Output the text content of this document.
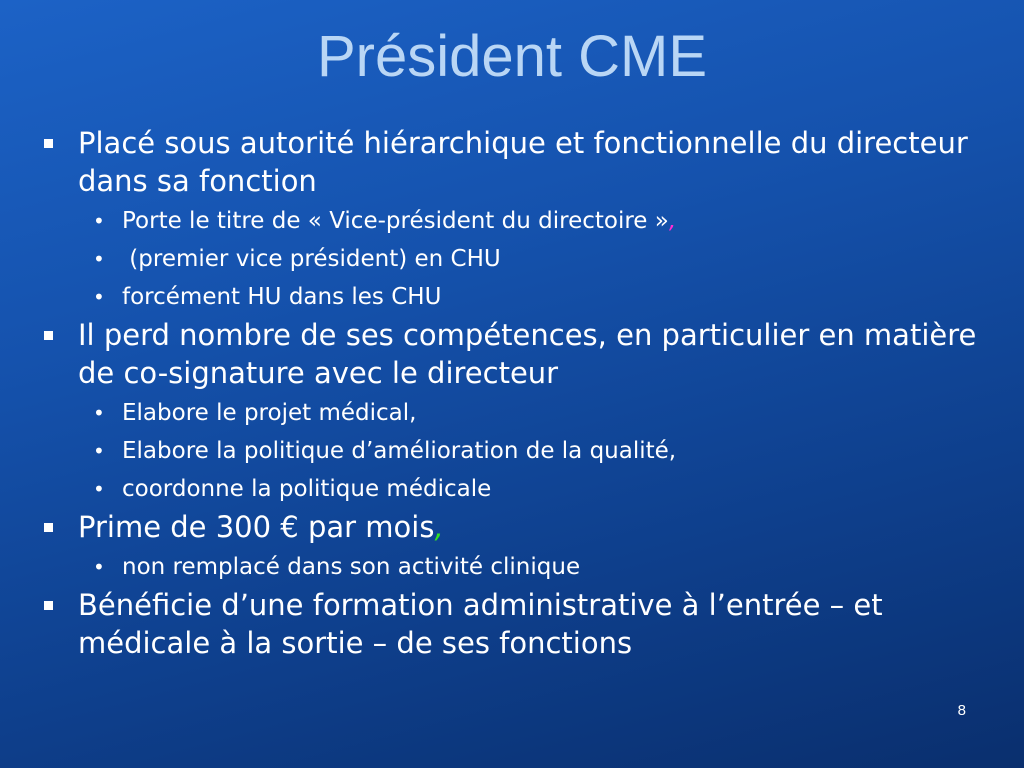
Président CME
Placé sous autorité hiérarchique et fonctionnelle du directeur dans sa fonction
• Porte le titre de « Vice-président du directoire »,
• (premier vice président) en CHU
• forcément HU dans les CHU
Il perd nombre de ses compétences, en particulier en matière de co-signature avec le directeur
• Elabore le projet médical,
• Elabore la politique d’amélioration de la qualité,
• coordonne la politique médicale
Prime de 300 € par mois,
• non remplacé dans son activité clinique
Bénéficie d’une formation administrative à l’entrée – et médicale à la sortie – de ses fonctions
8
